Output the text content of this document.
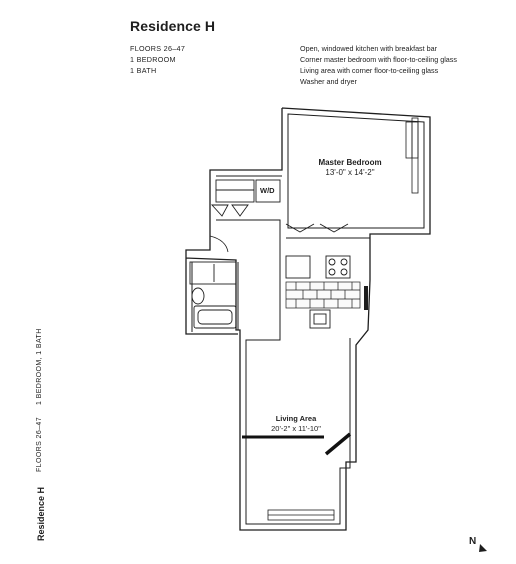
Residence H
FLOORS 26–47
1 BEDROOM
1 BATH
Open, windowed kitchen with breakfast bar
Corner master bedroom with floor-to-ceiling glass
Living area with corner floor-to-ceiling glass
Washer and dryer
W/D
Master Bedroom
13'-0" x 14'-2"
Living Area
20'-2" x 11'-10"
N
Residence H
FLOORS 26–47
1 BEDROOM, 1 BATH
